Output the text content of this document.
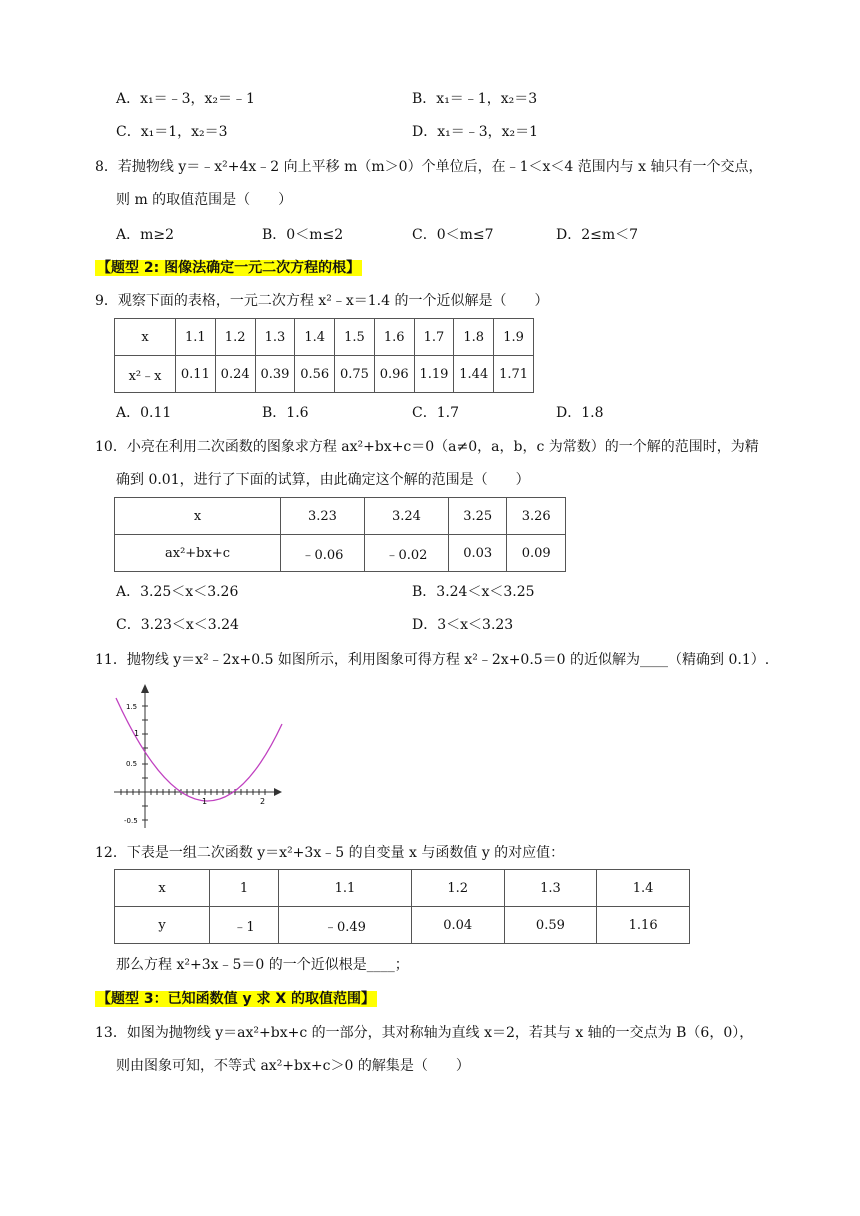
A．x₁＝﹣3，x₂＝﹣1	B．x₁＝﹣1，x₂＝3
C．x₁＝1，x₂＝3	D．x₁＝﹣3，x₂＝1
8．若抛物线 y＝﹣x²+4x﹣2 向上平移 m（m＞0）个单位后，在﹣1＜x＜4 范围内与 x 轴只有一个交点，
则 m 的取值范围是（　　）
A．m≥2	B．0＜m≤2	C．0＜m≤7	D．2≤m＜7
【题型 2: 图像法确定一元二次方程的根】
9．观察下面的表格，一元二次方程 x²﹣x＝1.4 的一个近似解是（　　）
x	1.1	1.2	1.3	1.4	1.5	1.6	1.7	1.8	1.9
x²﹣x	0.11	0.24	0.39	0.56	0.75	0.96	1.19	1.44	1.71
A．0.11	B．1.6	C．1.7	D．1.8
10．小亮在利用二次函数的图象求方程 ax²+bx+c＝0（a≠0，a，b，c 为常数）的一个解的范围时，为精
确到 0.01，进行了下面的试算，由此确定这个解的范围是（　　）
x	3.23	3.24	3.25	3.26
ax²+bx+c	﹣0.06	﹣0.02	0.03	0.09
A．3.25＜x＜3.26	B．3.24＜x＜3.25
C．3.23＜x＜3.24	D．3＜x＜3.23
11．抛物线 y＝x²﹣2x+0.5 如图所示，利用图象可得方程 x²﹣2x+0.5＝0 的近似解为____（精确到 0.1）.
1.5
1
0.5
-0.5
1	2
12．下表是一组二次函数 y＝x²+3x﹣5 的自变量 x 与函数值 y 的对应值：
x	1	1.1	1.2	1.3	1.4
y	﹣1	﹣0.49	0.04	0.59	1.16
那么方程 x²+3x﹣5＝0 的一个近似根是____；
【题型 3：已知函数值 y 求 X 的取值范围】
13．如图为抛物线 y＝ax²+bx+c 的一部分，其对称轴为直线 x＝2，若其与 x 轴的一交点为 B（6，0），
则由图象可知，不等式 ax²+bx+c＞0 的解集是（　　）
